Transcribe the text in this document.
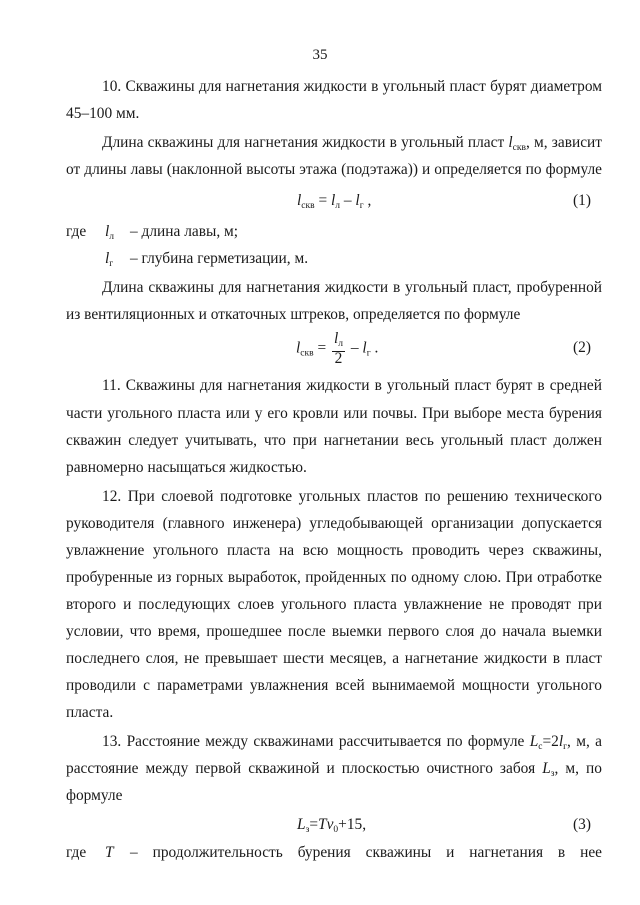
35
10. Скважины для нагнетания жидкости в угольный пласт бурят диаметром
45–100 мм.
Длина скважины для нагнетания жидкости в угольный пласт $l_{скв}$, м, зависит
от длины лавы (наклонной высоты этажа (подэтажа)) и определяется по формуле
$l_{скв} = l_л - l_г$ ,	(1)
где $l_л$ – длина лавы, м;
$l_г$ – глубина герметизации, м.
Длина скважины для нагнетания жидкости в угольный пласт, пробуренной
из вентиляционных и откаточных штреков, определяется по формуле
$l_{скв} = \frac{l_л}{2} - l_г$ .	(2)
11. Скважины для нагнетания жидкости в угольный пласт бурят в средней
части угольного пласта или у его кровли или почвы. При выборе места бурения
скважин следует учитывать, что при нагнетании весь угольный пласт должен
равномерно насыщаться жидкостью.
12. При слоевой подготовке угольных пластов по решению технического
руководителя (главного инженера) угледобывающей организации допускается
увлажнение угольного пласта на всю мощность проводить через скважины,
пробуренные из горных выработок, пройденных по одному слою. При отработке
второго и последующих слоев угольного пласта увлажнение не проводят при
условии, что время, прошедшее после выемки первого слоя до начала выемки
последнего слоя, не превышает шести месяцев, а нагнетание жидкости в пласт
проводили с параметрами увлажнения всей вынимаемой мощности угольного
пласта.
13. Расстояние между скважинами рассчитывается по формуле $L_с=2l_г$, м, а
расстояние между первой скважиной и плоскостью очистного забоя $L_з$, м, по
формуле
$L_з=Tv_0+15$,	(3)
где T – продолжительность бурения скважины и нагнетания в нее
